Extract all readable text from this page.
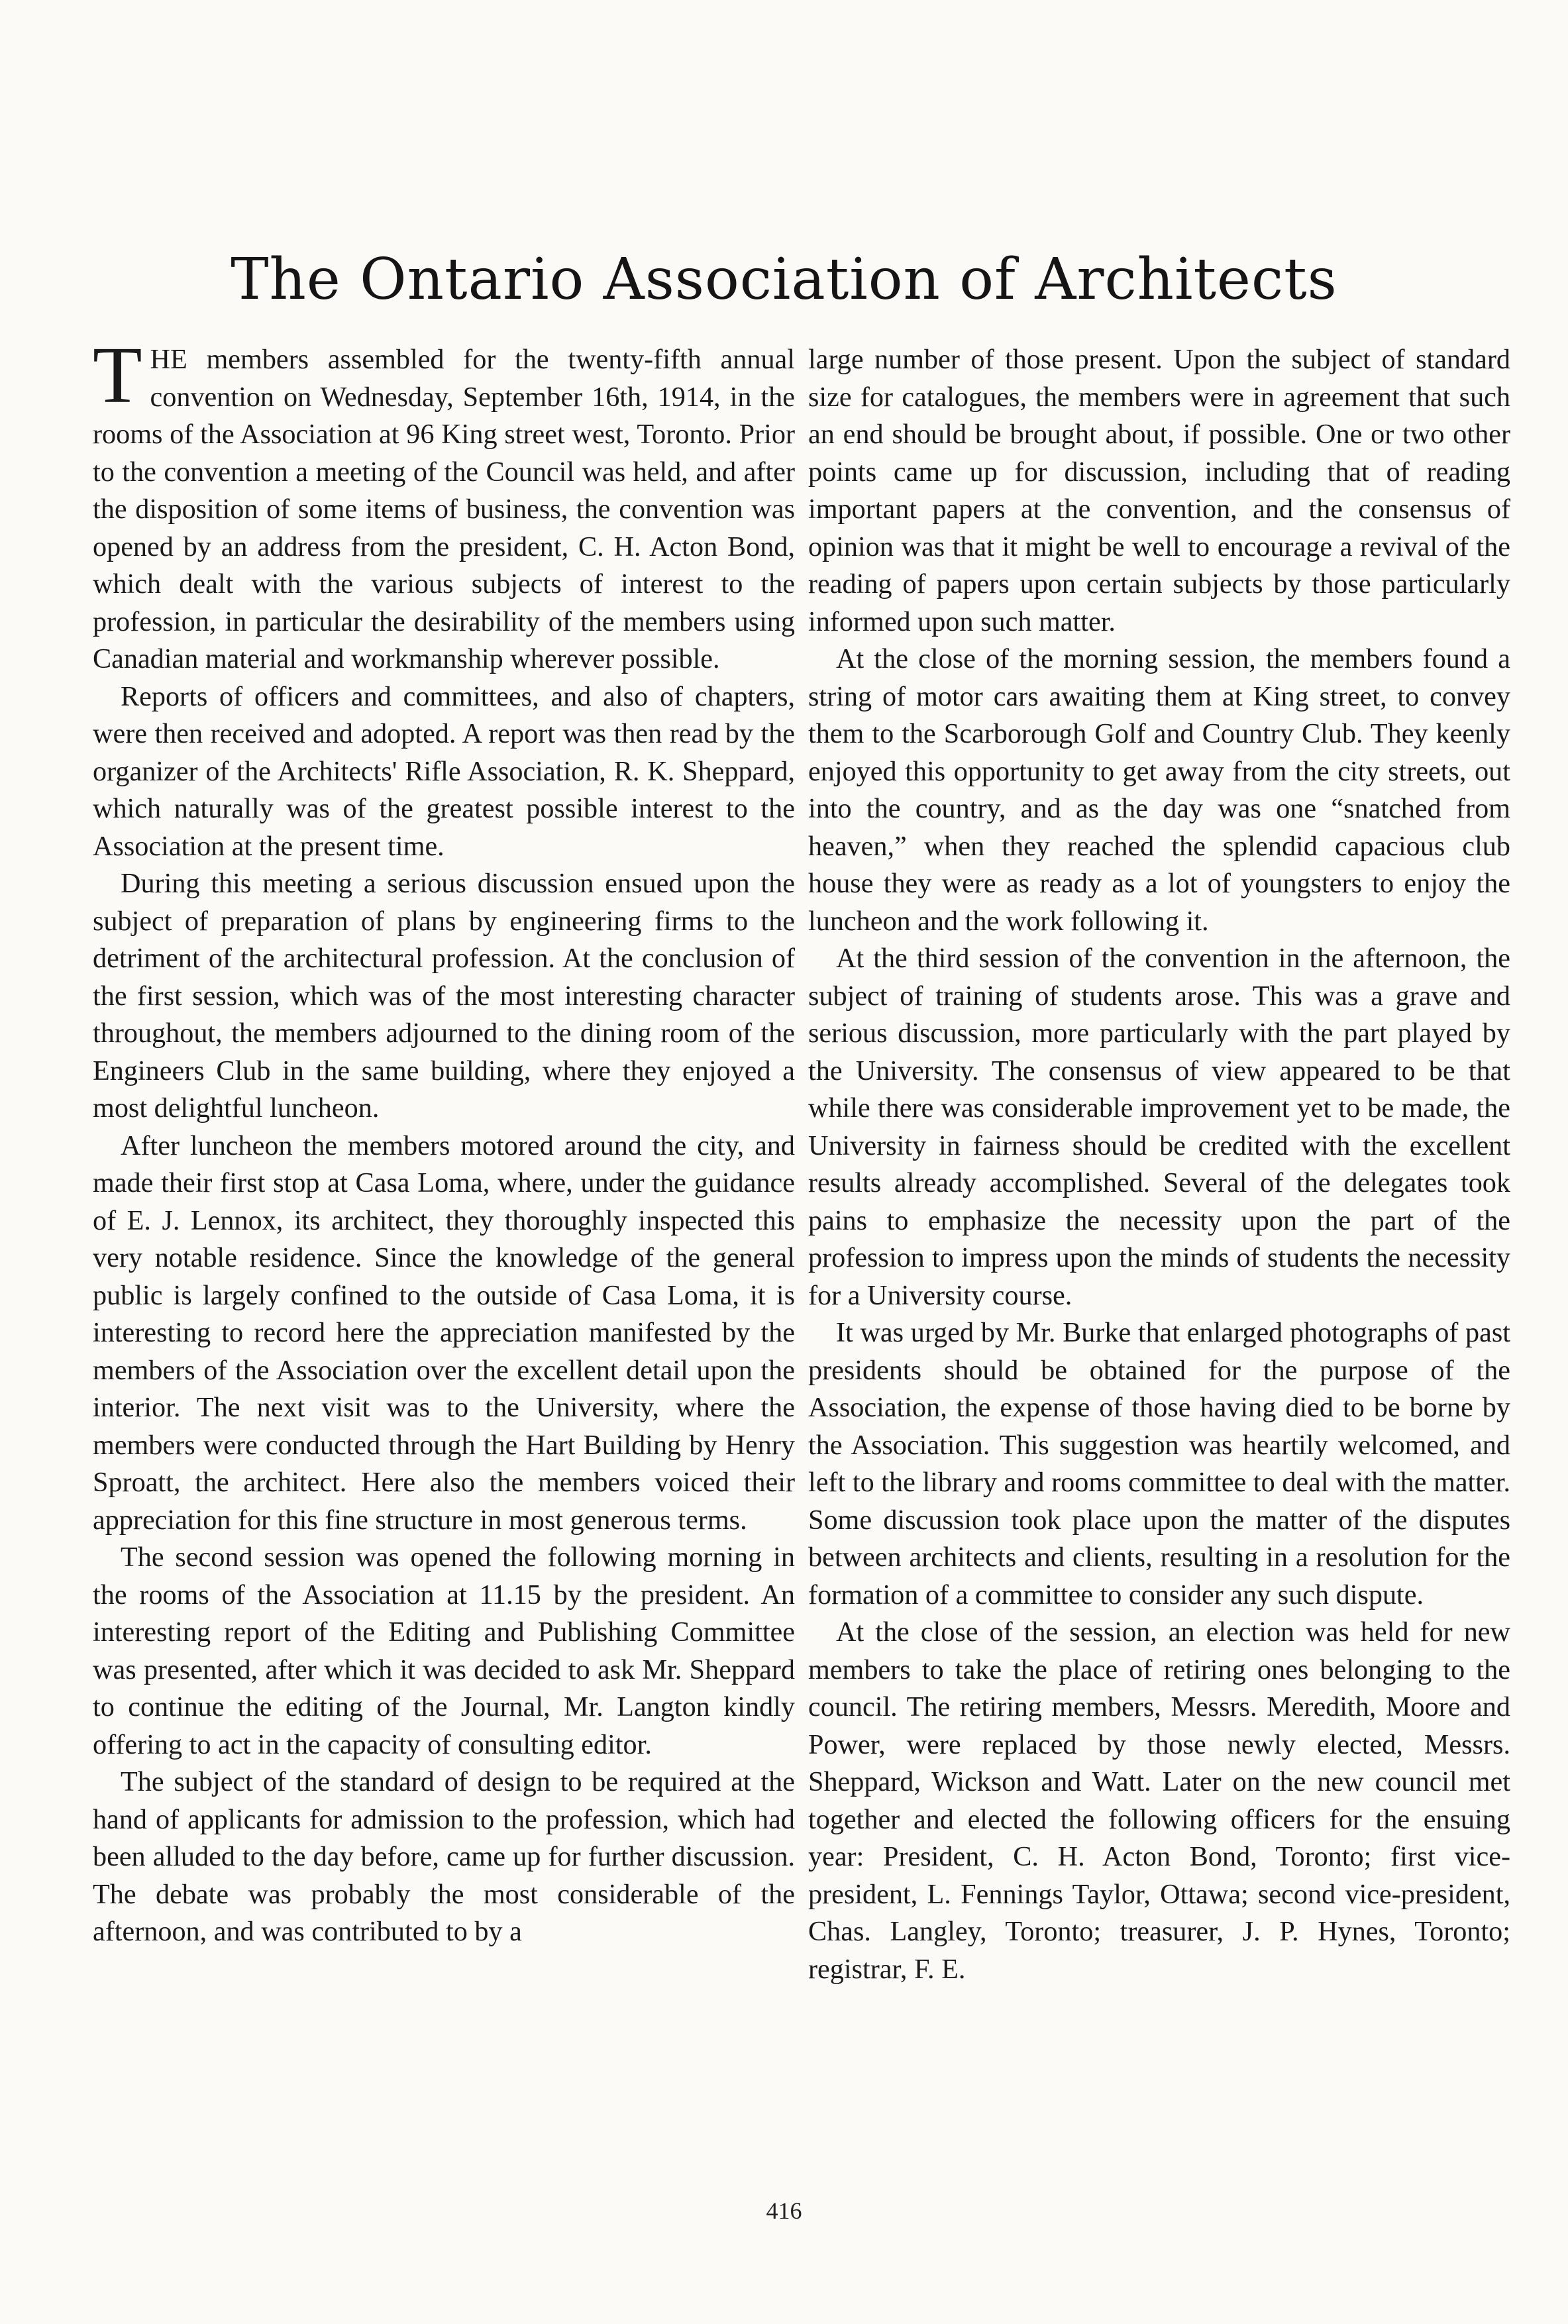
The Ontario Association of Architects

THE members assembled for the twenty-fifth annual convention on Wednesday, September 16th, 1914, in the rooms of the Association at 96 King street west, Toronto. Prior to the convention a meeting of the Council was held, and after the disposition of some items of business, the convention was opened by an address from the president, C. H. Acton Bond, which dealt with the various subjects of interest to the profession, in particular the desirability of the members using Canadian material and workmanship wherever possible.

Reports of officers and committees, and also of chapters, were then received and adopted. A report was then read by the organizer of the Architects' Rifle Association, R. K. Sheppard, which naturally was of the greatest possible interest to the Association at the present time.

During this meeting a serious discussion ensued upon the subject of preparation of plans by engineering firms to the detriment of the architectural profession. At the conclusion of the first session, which was of the most interesting character throughout, the members adjourned to the dining room of the Engineers Club in the same building, where they enjoyed a most delightful luncheon.

After luncheon the members motored around the city, and made their first stop at Casa Loma, where, under the guidance of E. J. Lennox, its architect, they thoroughly inspected this very notable residence. Since the knowledge of the general public is largely confined to the outside of Casa Loma, it is interesting to record here the appreciation manifested by the members of the Association over the excellent detail upon the interior. The next visit was to the University, where the members were conducted through the Hart Building by Henry Sproatt, the architect. Here also the members voiced their appreciation for this fine structure in most generous terms.

The second session was opened the following morning in the rooms of the Association at 11.15 by the president. An interesting report of the Editing and Publishing Committee was presented, after which it was decided to ask Mr. Sheppard to continue the editing of the Journal, Mr. Langton kindly offering to act in the capacity of consulting editor.

The subject of the standard of design to be required at the hand of applicants for admission to the profession, which had been alluded to the day before, came up for further discussion. The debate was probably the most considerable of the afternoon, and was contributed to by a

large number of those present. Upon the subject of standard size for catalogues, the members were in agreement that such an end should be brought about, if possible. One or two other points came up for discussion, including that of reading important papers at the convention, and the consensus of opinion was that it might be well to encourage a revival of the reading of papers upon certain subjects by those particularly informed upon such matter.

At the close of the morning session, the members found a string of motor cars awaiting them at King street, to convey them to the Scarborough Golf and Country Club. They keenly enjoyed this opportunity to get away from the city streets, out into the country, and as the day was one “snatched from heaven,” when they reached the splendid capacious club house they were as ready as a lot of youngsters to enjoy the luncheon and the work following it.

At the third session of the convention in the afternoon, the subject of training of students arose. This was a grave and serious discussion, more particularly with the part played by the University. The consensus of view appeared to be that while there was considerable improvement yet to be made, the University in fairness should be credited with the excellent results already accomplished. Several of the delegates took pains to emphasize the necessity upon the part of the profession to impress upon the minds of students the necessity for a University course.

It was urged by Mr. Burke that enlarged photographs of past presidents should be obtained for the purpose of the Association, the expense of those having died to be borne by the Association. This suggestion was heartily welcomed, and left to the library and rooms committee to deal with the matter. Some discussion took place upon the matter of the disputes between architects and clients, resulting in a resolution for the formation of a committee to consider any such dispute.

At the close of the session, an election was held for new members to take the place of retiring ones belonging to the council. The retiring members, Messrs. Meredith, Moore and Power, were replaced by those newly elected, Messrs. Sheppard, Wickson and Watt. Later on the new council met together and elected the following officers for the ensuing year: President, C. H. Acton Bond, Toronto; first vice-president, L. Fennings Taylor, Ottawa; second vice-president, Chas. Langley, Toronto; treasurer, J. P. Hynes, Toronto; registrar, F. E.

416
